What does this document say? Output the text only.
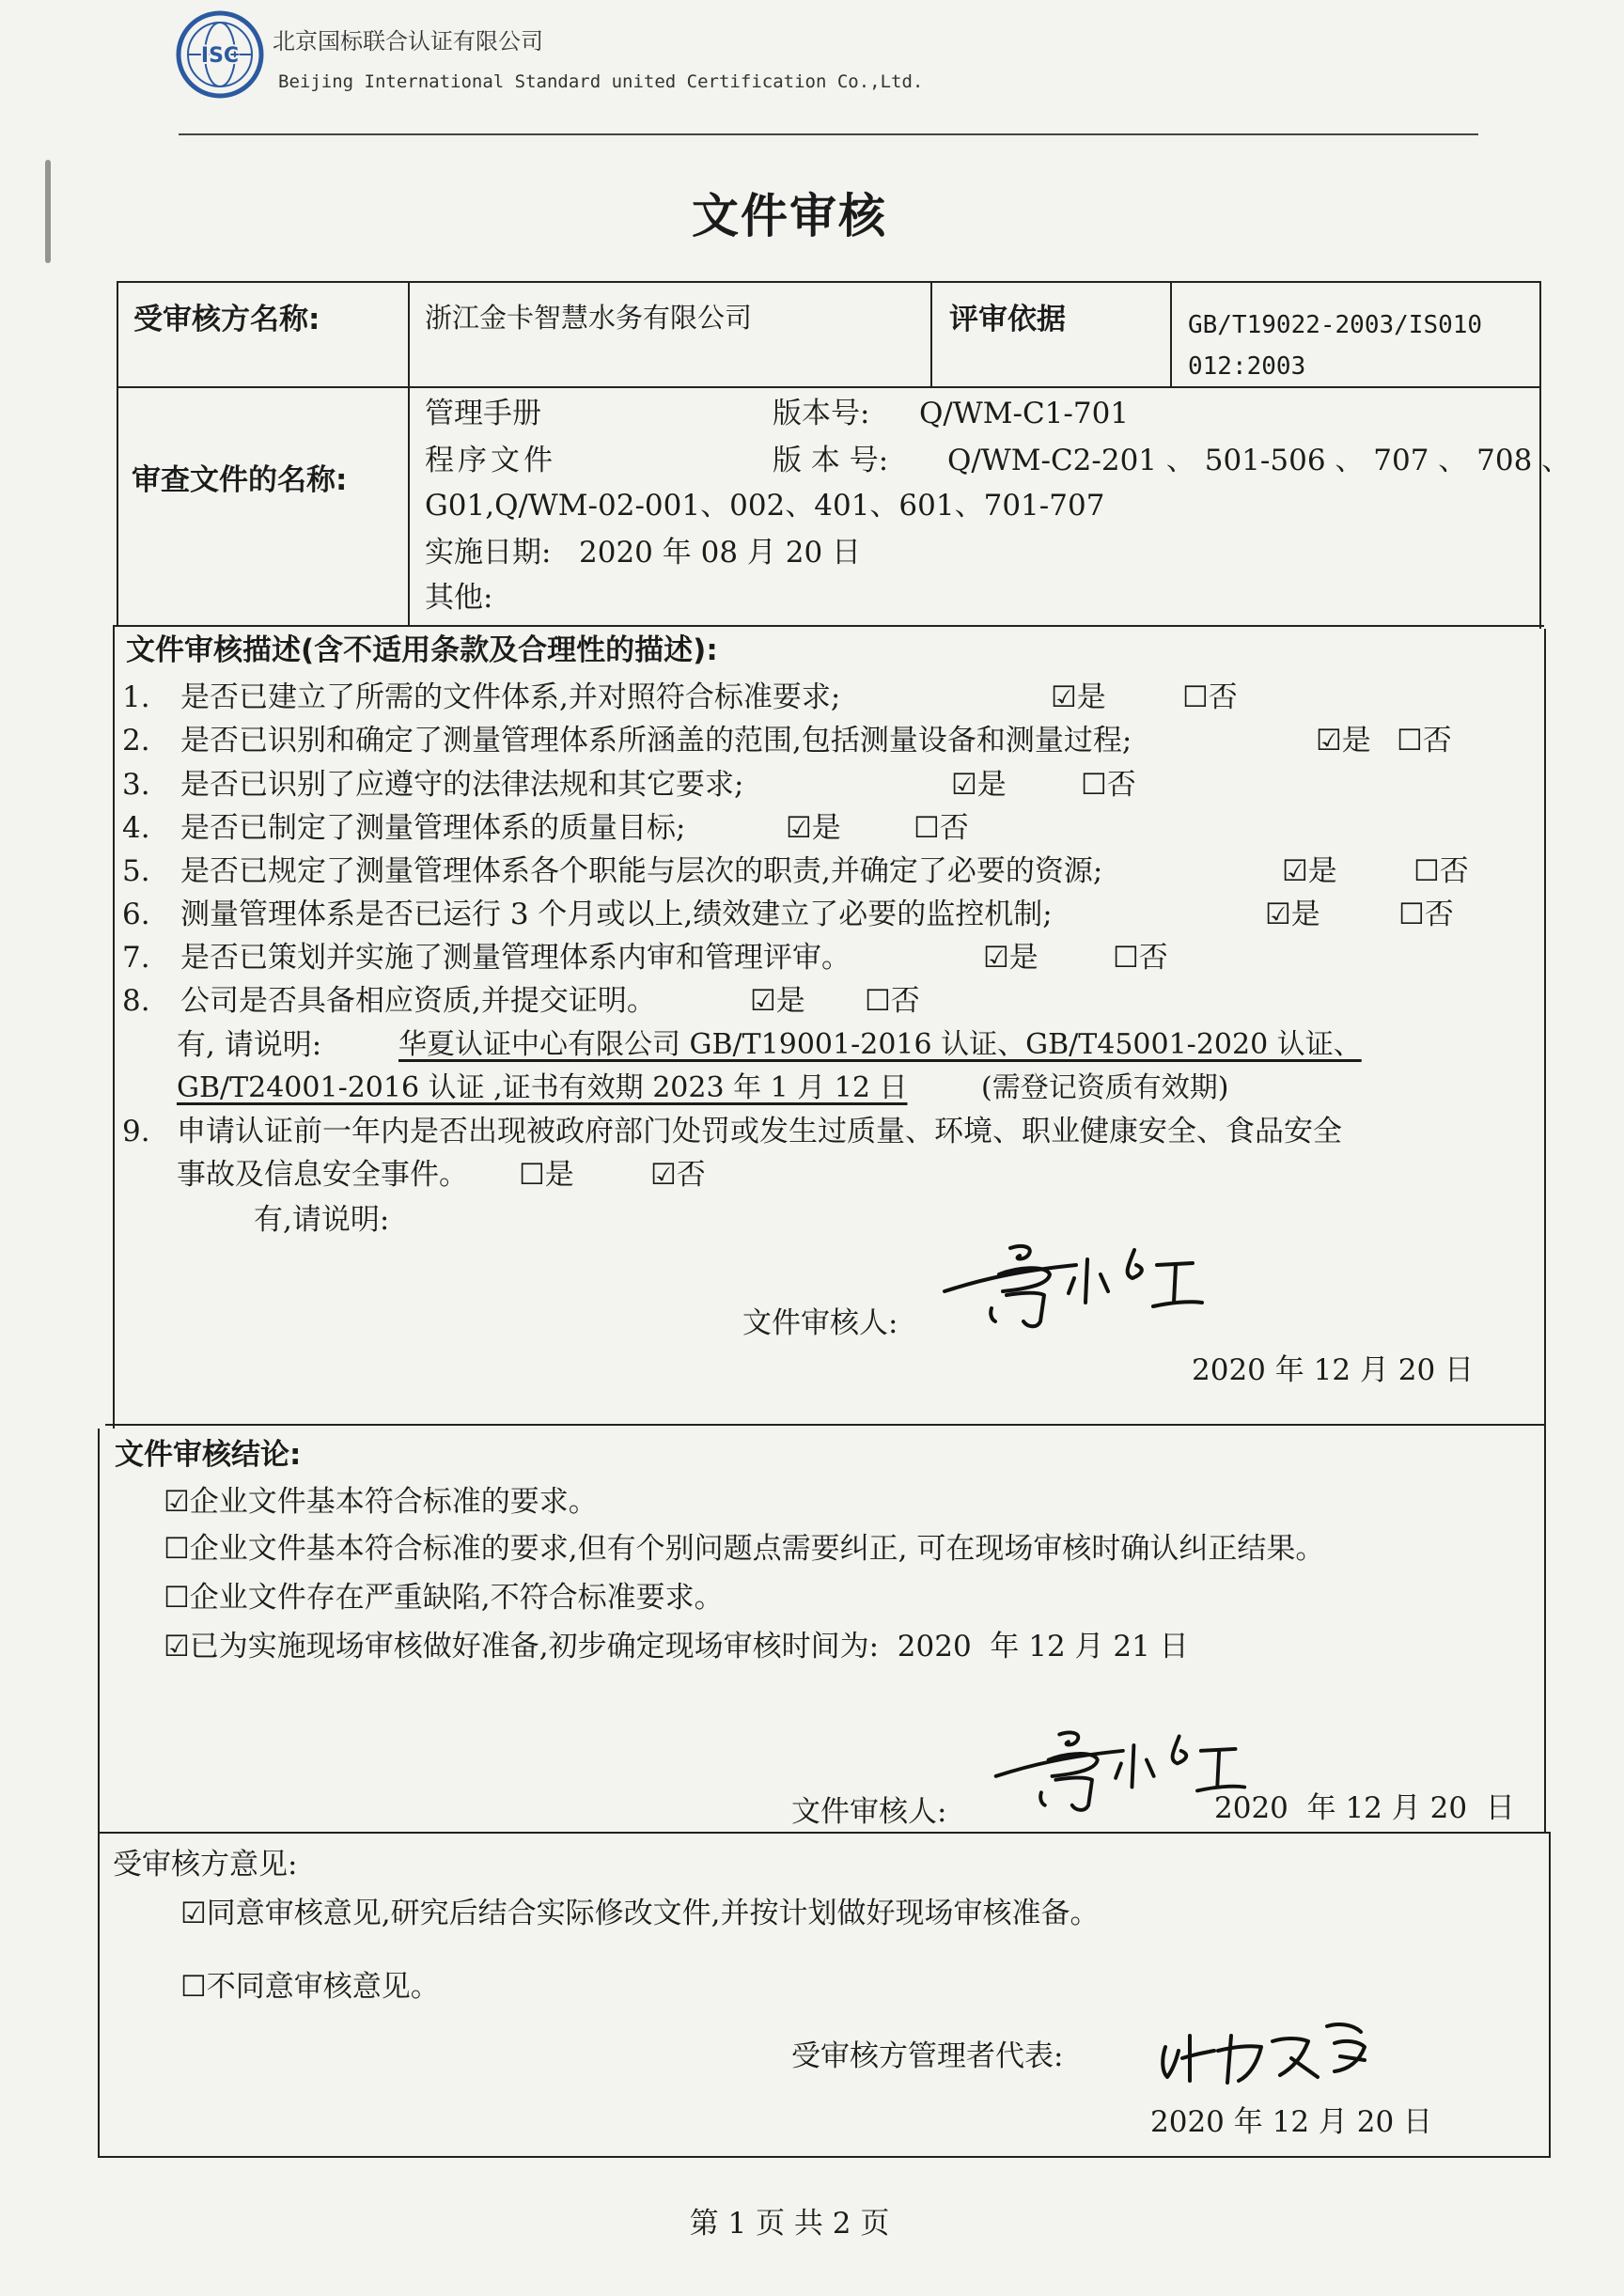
ISC
北京国标联合认证有限公司
Beijing International Standard united Certification Co.,Ltd.
文件审核
受审核方名称:	浙江金卡智慧水务有限公司	评审依据	GB/T19022-2003/IS010
012:2003
审查文件的名称:
管理手册	版本号: Q/WM-C1-701
程序文件	版 本 号: Q/WM-C2-201 、 501-506 、 707 、 708 、
G01,Q/WM-02-001、002、401、601、701-707
实施日期:   2020 年 08 月 20 日
其他:
文件审核描述(含不适用条款及合理性的描述):
1. 是否已建立了所需的文件体系,并对照符合标准要求;	☑是	☐否
2. 是否已识别和确定了测量管理体系所涵盖的范围,包括测量设备和测量过程;	☑是 ☐否
3. 是否已识别了应遵守的法律法规和其它要求;	☑是	☐否
4. 是否已制定了测量管理体系的质量目标;	☑是 ☐否
5. 是否已规定了测量管理体系各个职能与层次的职责,并确定了必要的资源;	☑是	☐否
6. 测量管理体系是否已运行 3 个月或以上,绩效建立了必要的监控机制;	☑是	☐否
7. 是否已策划并实施了测量管理体系内审和管理评审。	☑是	☐否
8. 公司是否具备相应资质,并提交证明。	☑是 ☐否
有, 请说明:	华夏认证中心有限公司 GB/T19001-2016 认证、GB/T45001-2020 认证、
GB/T24001-2016 认证 ,证书有效期 2023 年 1 月 12 日	(需登记资质有效期)
9. 申请认证前一年内是否出现被政府部门处罚或发生过质量、环境、职业健康安全、食品安全
事故及信息安全事件。 ☐是	☑否
有,请说明:
文件审核人:
2020 年 12 月 20 日
文件审核结论:
☑企业文件基本符合标准的要求。
☐企业文件基本符合标准的要求,但有个别问题点需要纠正, 可在现场审核时确认纠正结果。
☐企业文件存在严重缺陷,不符合标准要求。
☑已为实施现场审核做好准备,初步确定现场审核时间为:  2020  年 12 月 21 日
文件审核人:	2020  年 12 月 20  日
受审核方意见:
☑同意审核意见,研究后结合实际修改文件,并按计划做好现场审核准备。
☐不同意审核意见。
受审核方管理者代表:
2020 年 12 月 20 日
第 1 页 共 2 页
